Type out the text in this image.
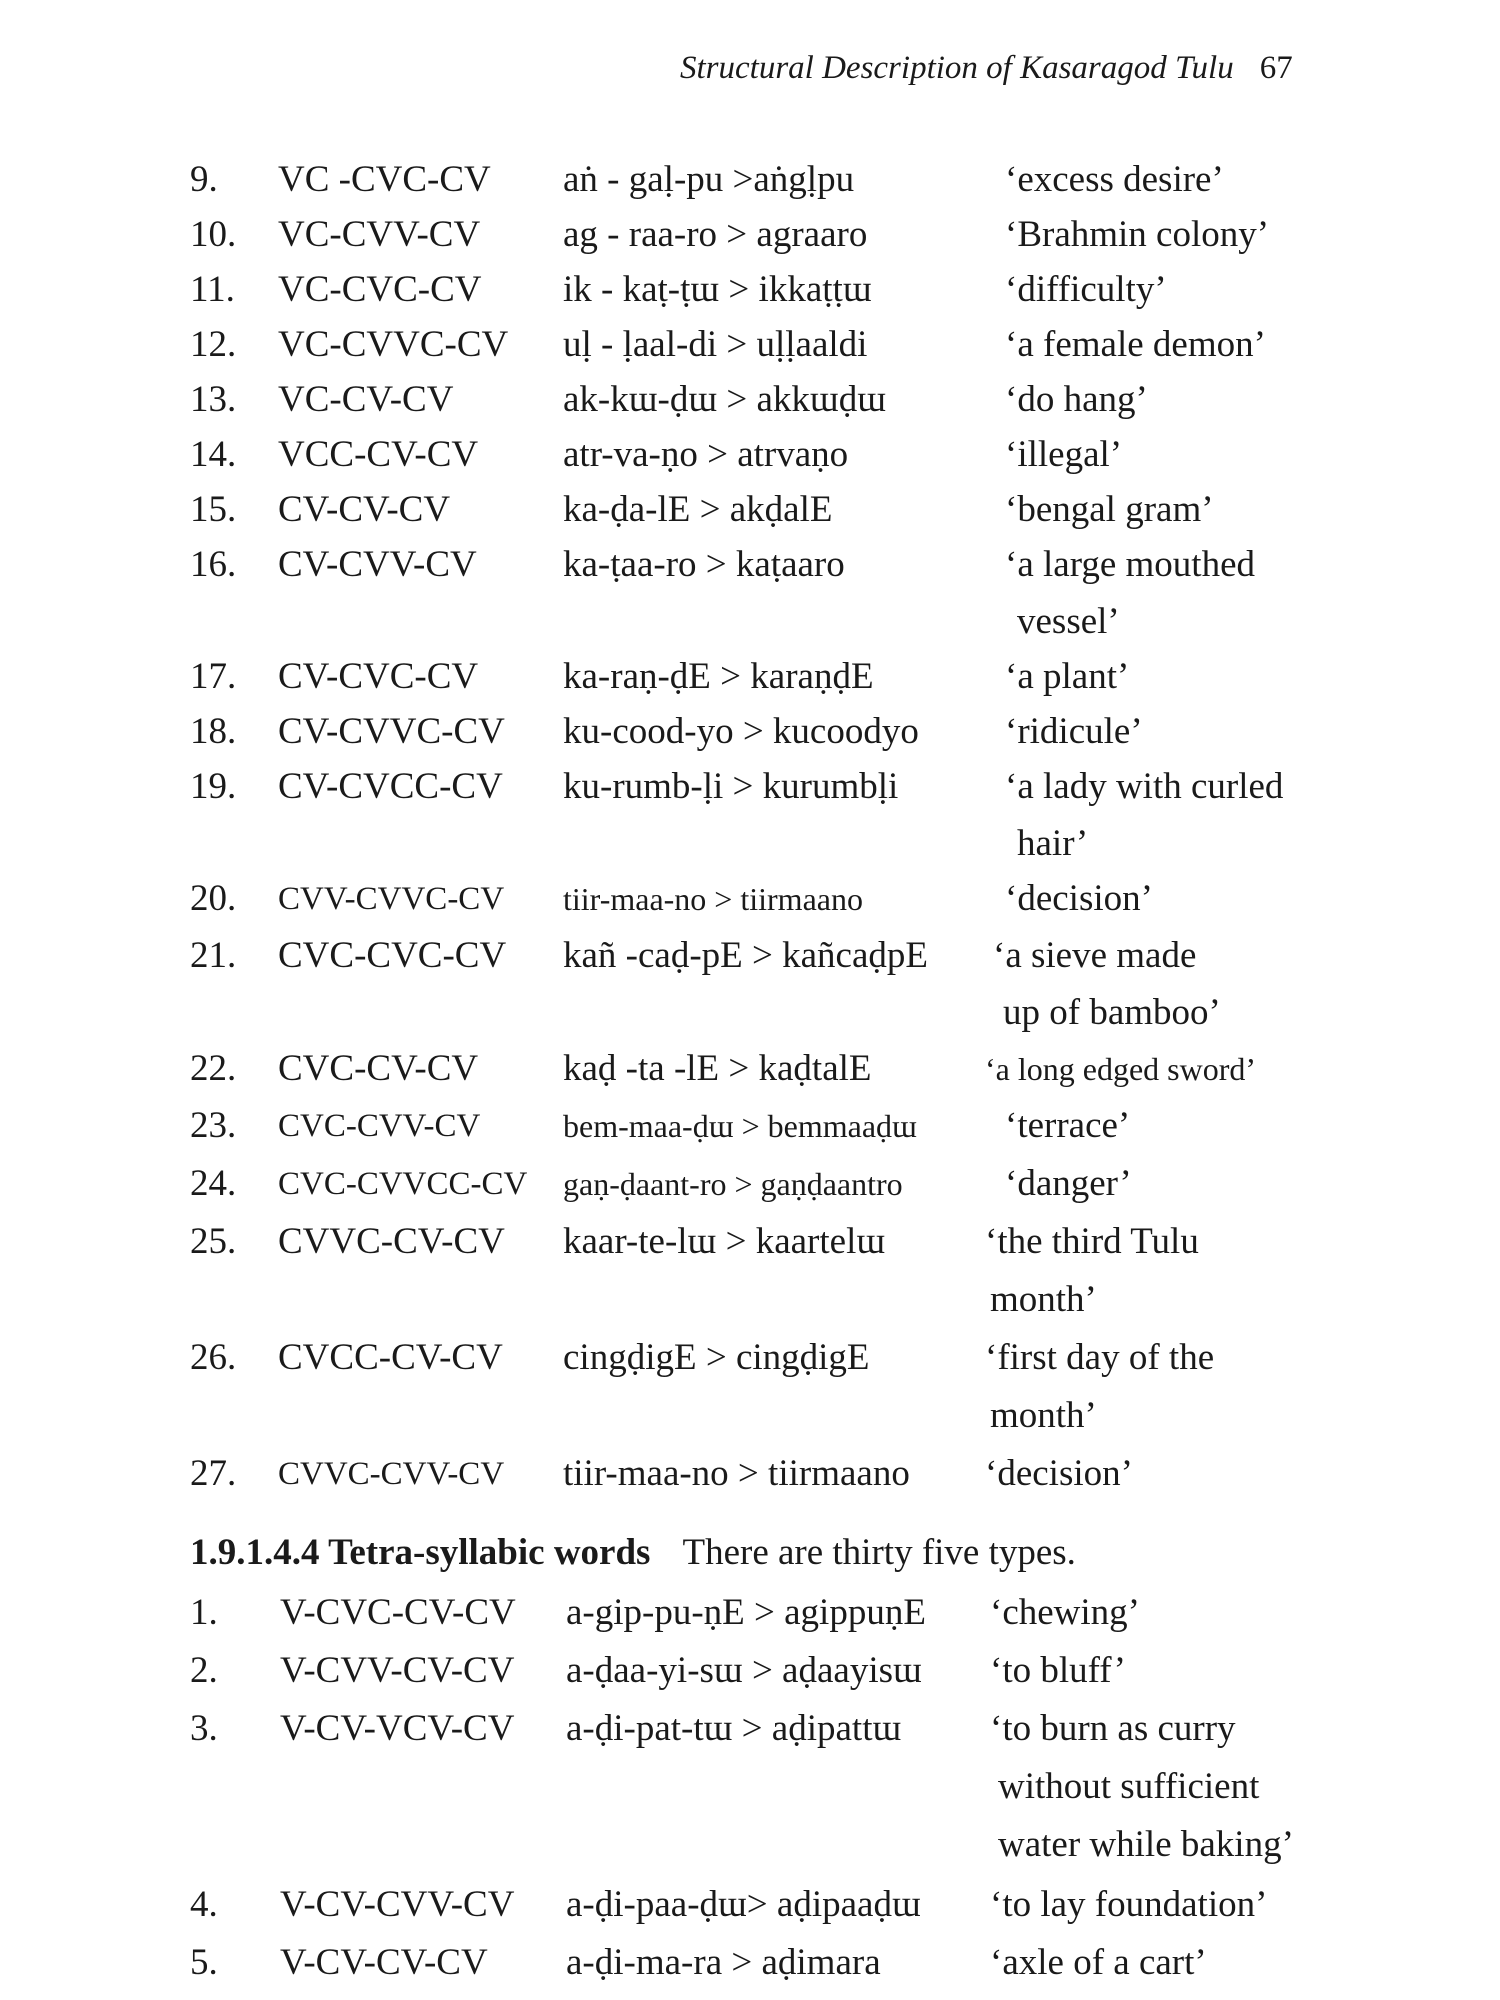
Structural Description of Kasaragod Tulu 67
9. VC -CVC-CV aṅ - gaḷ-pu >aṅgḷpu	‘excess desire’
10. VC-CVV-CV ag - raa-ro > agraaro	‘Brahmin colony’
11. VC-CVC-CV ik - kaṭ-ṭɯ > ikkaṭṭɯ	‘difficulty’
12. VC-CVVC-CV uḷ - ḷaal-di > uḷḷaaldi	‘a female demon’
13. VC-CV-CV	ak-kɯ-ḍɯ > akkɯḍɯ	‘do hang’
14. VCC-CV-CV atr-va-ṇo > atrvaṇo	‘illegal’
15. CV-CV-CV	ka-ḍa-lE > akḍalE	‘bengal gram’
16. CV-CVV-CV ka-ṭaa-ro > kaṭaaro	‘a large mouthed
vessel’
17. CV-CVC-CV ka-raṇ-ḍE > karaṇḍE	‘a plant’
18. CV-CVVC-CV ku-cood-yo > kucoodyo ‘ridicule’
19. CV-CVCC-CV ku-rumb-ḷi > kurumbḷi	‘a lady with curled
hair’
20. CVV-CVVC-CV tiir-maa-no > tiirmaano	‘decision’
21. CVC-CVC-CV kañ -caḍ-pE > kañcaḍpE ‘a sieve made
up of bamboo’
22. CVC-CV-CV kaḍ -ta -lE > kaḍtalE	‘a long edged sword’
23. CVC-CVV-CV	bem-maa-ḍɯ > bemmaaḍɯ ‘terrace’
24. CVC-CVVCC-CV gaṇ-ḍaant-ro > gaṇḍaantro	‘danger’
25. CVVC-CV-CV kaar-te-lɯ > kaartelɯ	‘the third Tulu
month’
26. CVCC-CV-CV cingḍigE > cingḍigE	‘first day of the
month’
27. CVVC-CVV-CV tiir-maa-no > tiirmaano ‘decision’
1.9.1.4.4 Tetra-syllabic words There are thirty five types.
1. V-CVC-CV-CV a-gip-pu-ṇE > agippuṇE ‘chewing’
2. V-CVV-CV-CV a-ḍaa-yi-sɯ > aḍaayisɯ ‘to bluff’
3. V-CV-VCV-CV a-ḍi-pat-tɯ > aḍipattɯ ‘to burn as curry
without sufficient
water while baking’
4. V-CV-CVV-CV a-ḍi-paa-ḍɯ> aḍipaaḍɯ ‘to lay foundation’
5. V-CV-CV-CV a-ḍi-ma-ra > aḍimara	‘axle of a cart’
